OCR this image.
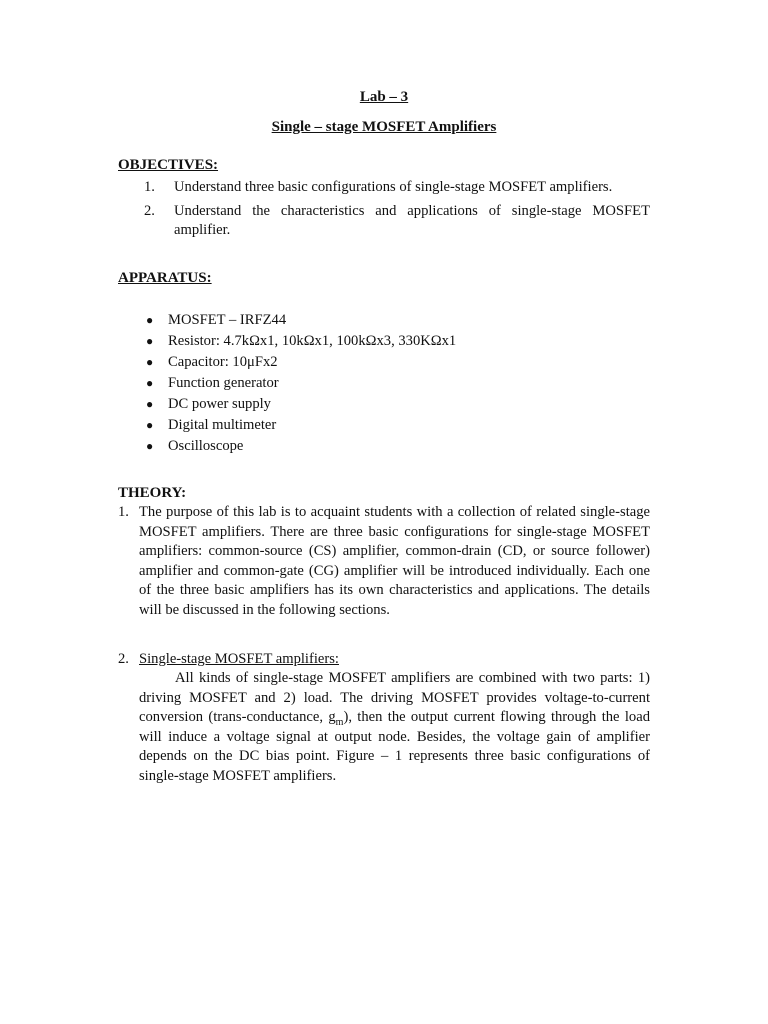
Lab – 3
Single – stage MOSFET Amplifiers
OBJECTIVES:
1. Understand three basic configurations of single-stage MOSFET amplifiers.
2. Understand the characteristics and applications of single-stage MOSFET amplifier.
APPARATUS:
● MOSFET – IRFZ44
● Resistor: 4.7kΩx1, 10kΩx1, 100kΩx3, 330KΩx1
● Capacitor: 10μFx2
● Function generator
● DC power supply
● Digital multimeter
● Oscilloscope
THEORY:
1. The purpose of this lab is to acquaint students with a collection of related single-stage MOSFET amplifiers. There are three basic configurations for single-stage MOSFET amplifiers: common-source (CS) amplifier, common-drain (CD, or source follower) amplifier and common-gate (CG) amplifier will be introduced individually. Each one of the three basic amplifiers has its own characteristics and applications. The details will be discussed in the following sections.
2. Single-stage MOSFET amplifiers:
All kinds of single-stage MOSFET amplifiers are combined with two parts: 1) driving MOSFET and 2) load. The driving MOSFET provides voltage-to-current conversion (trans-conductance, $g_m$), then the output current flowing through the load will induce a voltage signal at output node. Besides, the voltage gain of amplifier depends on the DC bias point. Figure – 1 represents three basic configurations of single-stage MOSFET amplifiers.
